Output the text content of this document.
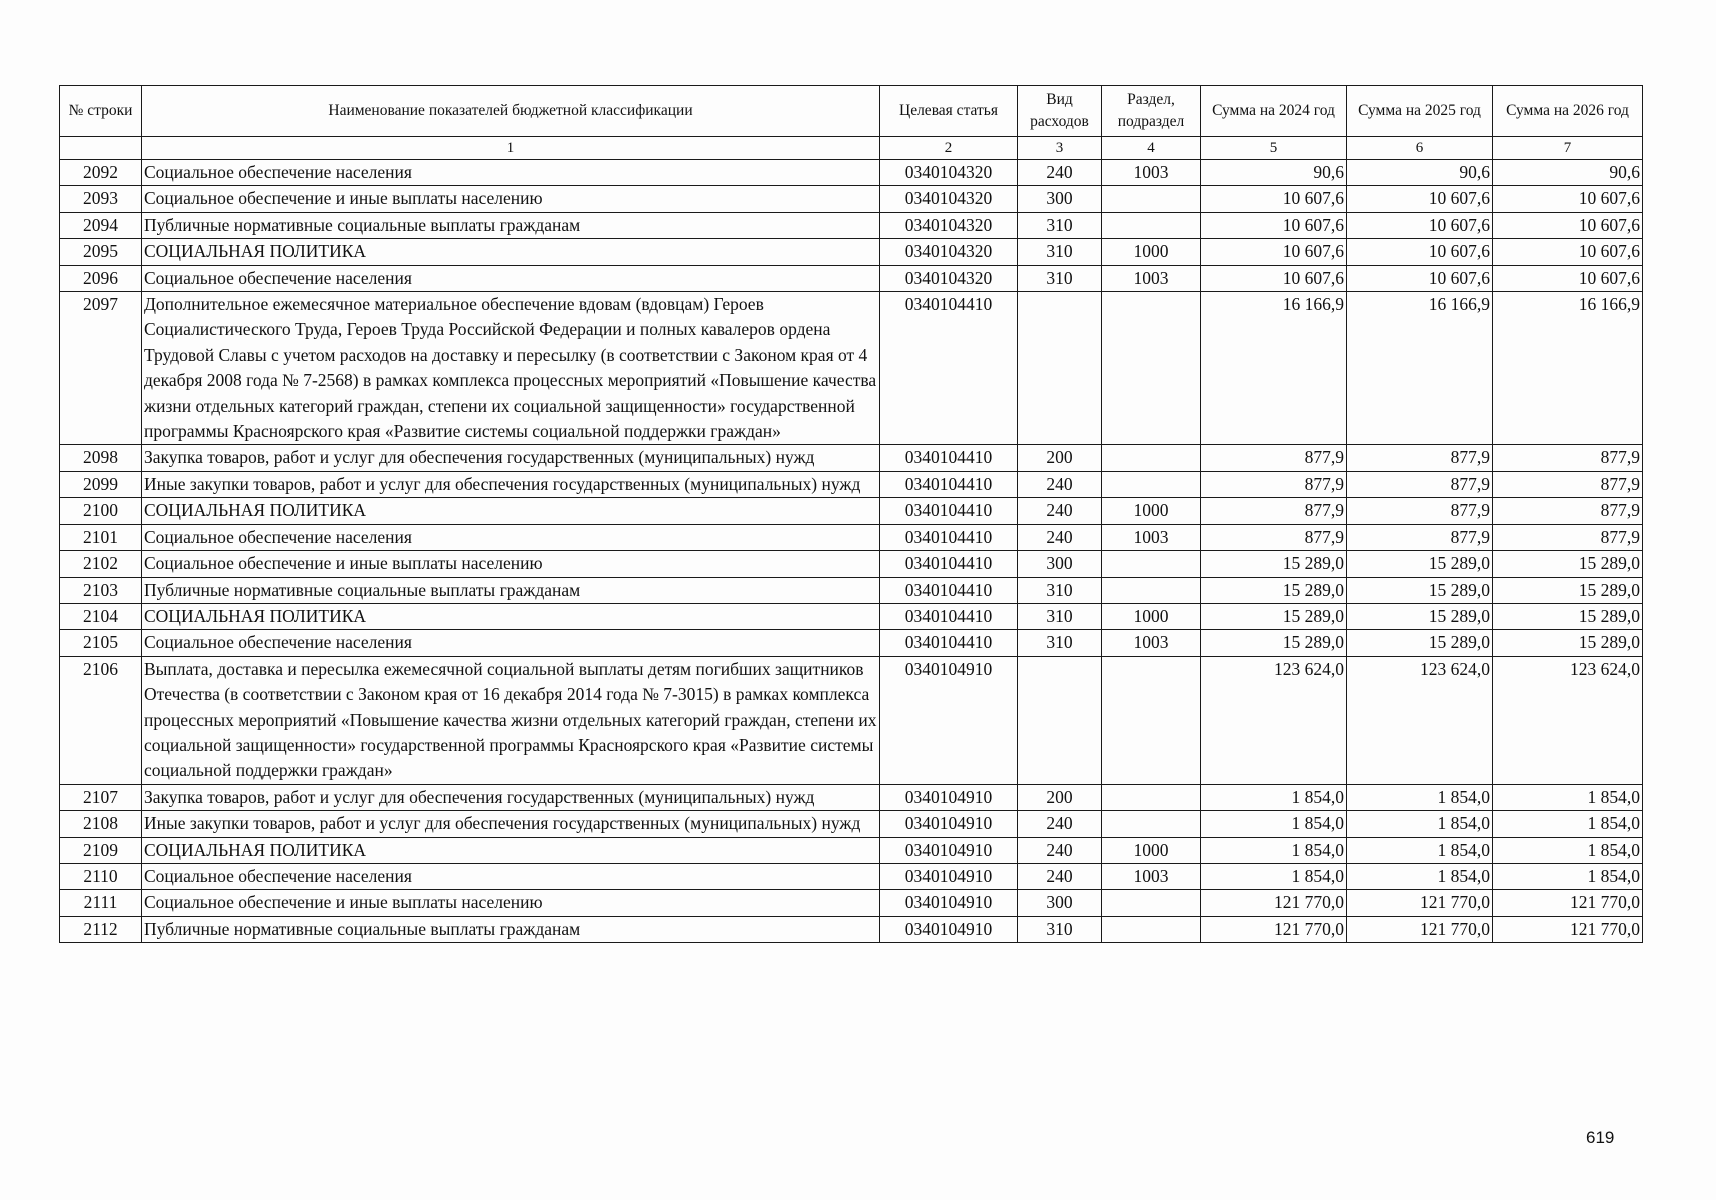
№ строки	Наименование показателей бюджетной классификации	Целевая статья	Вид расходов	Раздел, подраздел	Сумма на 2024 год	Сумма на 2025 год	Сумма на 2026 год
	1	2	3	4	5	6	7
2092	Социальное обеспечение населения	0340104320	240	1003	90,6	90,6	90,6
2093	Социальное обеспечение и иные выплаты населению	0340104320	300		10 607,6	10 607,6	10 607,6
2094	Публичные нормативные социальные выплаты гражданам	0340104320	310		10 607,6	10 607,6	10 607,6
2095	СОЦИАЛЬНАЯ ПОЛИТИКА	0340104320	310	1000	10 607,6	10 607,6	10 607,6
2096	Социальное обеспечение населения	0340104320	310	1003	10 607,6	10 607,6	10 607,6
2097	Дополнительное ежемесячное материальное обеспечение вдовам (вдовцам) Героев Социалистического Труда, Героев Труда Российской Федерации и полных кавалеров ордена Трудовой Славы с учетом расходов на доставку и пересылку (в соответствии с Законом края от 4 декабря 2008 года № 7-2568) в рамках комплекса процессных мероприятий «Повышение качества жизни отдельных категорий граждан, степени их социальной защищенности» государственной программы Красноярского края «Развитие системы социальной поддержки граждан»	0340104410			16 166,9	16 166,9	16 166,9
2098	Закупка товаров, работ и услуг для обеспечения государственных (муниципальных) нужд	0340104410	200		877,9	877,9	877,9
2099	Иные закупки товаров, работ и услуг для обеспечения государственных (муниципальных) нужд	0340104410	240		877,9	877,9	877,9
2100	СОЦИАЛЬНАЯ ПОЛИТИКА	0340104410	240	1000	877,9	877,9	877,9
2101	Социальное обеспечение населения	0340104410	240	1003	877,9	877,9	877,9
2102	Социальное обеспечение и иные выплаты населению	0340104410	300		15 289,0	15 289,0	15 289,0
2103	Публичные нормативные социальные выплаты гражданам	0340104410	310		15 289,0	15 289,0	15 289,0
2104	СОЦИАЛЬНАЯ ПОЛИТИКА	0340104410	310	1000	15 289,0	15 289,0	15 289,0
2105	Социальное обеспечение населения	0340104410	310	1003	15 289,0	15 289,0	15 289,0
2106	Выплата, доставка и пересылка ежемесячной социальной выплаты детям погибших защитников Отечества (в соответствии с Законом края от 16 декабря 2014 года № 7-3015) в рамках комплекса процессных мероприятий «Повышение качества жизни отдельных категорий граждан, степени их социальной защищенности» государственной программы Красноярского края «Развитие системы социальной поддержки граждан»	0340104910			123 624,0	123 624,0	123 624,0
2107	Закупка товаров, работ и услуг для обеспечения государственных (муниципальных) нужд	0340104910	200		1 854,0	1 854,0	1 854,0
2108	Иные закупки товаров, работ и услуг для обеспечения государственных (муниципальных) нужд	0340104910	240		1 854,0	1 854,0	1 854,0
2109	СОЦИАЛЬНАЯ ПОЛИТИКА	0340104910	240	1000	1 854,0	1 854,0	1 854,0
2110	Социальное обеспечение населения	0340104910	240	1003	1 854,0	1 854,0	1 854,0
2111	Социальное обеспечение и иные выплаты населению	0340104910	300		121 770,0	121 770,0	121 770,0
2112	Публичные нормативные социальные выплаты гражданам	0340104910	310		121 770,0	121 770,0	121 770,0
619
